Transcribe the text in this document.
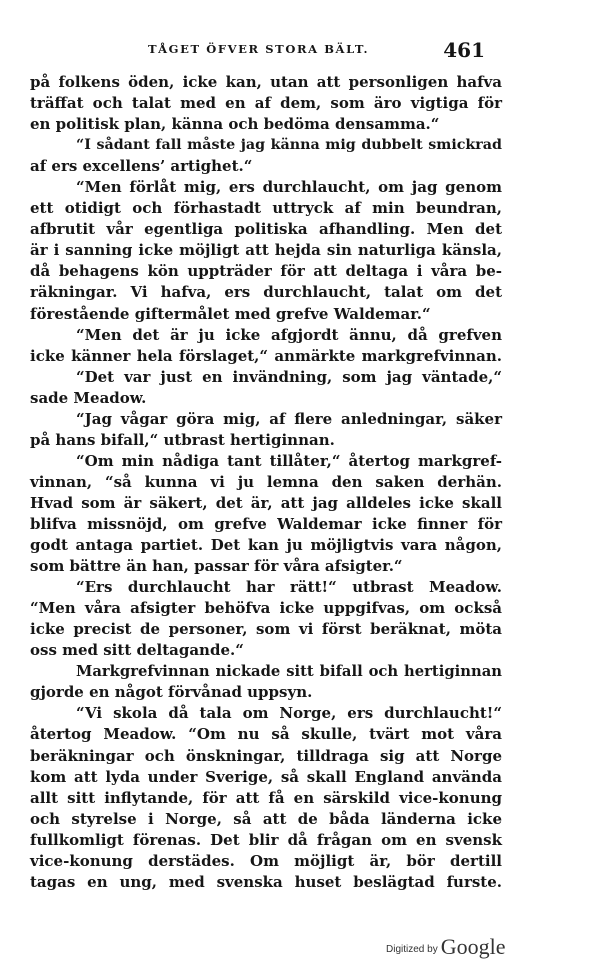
TÅGET ÖFVER STORA BÄLT.	461
på folkens öden, icke kan, utan att personligen hafva
träffat och talat med en af dem, som äro vigtiga för
en politisk plan, känna och bedöma densamma.“
“I sådant fall måste jag känna mig dubbelt smickrad
af ers excellens’ artighet.“
“Men förlåt mig, ers durchlaucht, om jag genom
ett otidigt och förhastadt uttryck af min beundran,
afbrutit vår egentliga politiska afhandling. Men det
är i sanning icke möjligt att hejda sin naturliga känsla,
då behagens kön uppträder för att deltaga i våra be-
räkningar. Vi hafva, ers durchlaucht, talat om det
förestående giftermålet med grefve Waldemar.“
“Men det är ju icke afgjordt ännu, då grefven
icke känner hela förslaget,“ anmärkte markgrefvinnan.
“Det var just en invändning, som jag väntade,“
sade Meadow.
“Jag vågar göra mig, af flere anledningar, säker
på hans bifall,“ utbrast hertiginnan.
“Om min nådiga tant tillåter,“ återtog markgref-
vinnan, “så kunna vi ju lemna den saken derhän.
Hvad som är säkert, det är, att jag alldeles icke skall
blifva missnöjd, om grefve Waldemar icke finner för
godt antaga partiet. Det kan ju möjligtvis vara någon,
som bättre än han, passar för våra afsigter.“
“Ers durchlaucht har rätt!“ utbrast Meadow.
“Men våra afsigter behöfva icke uppgifvas, om också
icke precist de personer, som vi först beräknat, möta
oss med sitt deltagande.“
Markgrefvinnan nickade sitt bifall och hertiginnan
gjorde en något förvånad uppsyn.
“Vi skola då tala om Norge, ers durchlaucht!“
återtog Meadow. “Om nu så skulle, tvärt mot våra
beräkningar och önskningar, tilldraga sig att Norge
kom att lyda under Sverige, så skall England använda
allt sitt inflytande, för att få en särskild vice-konung
och styrelse i Norge, så att de båda länderna icke
fullkomligt förenas. Det blir då frågan om en svensk
vice-konung derstädes. Om möjligt är, bör dertill
tagas en ung, med svenska huset beslägtad furste.
Digitized by Google
